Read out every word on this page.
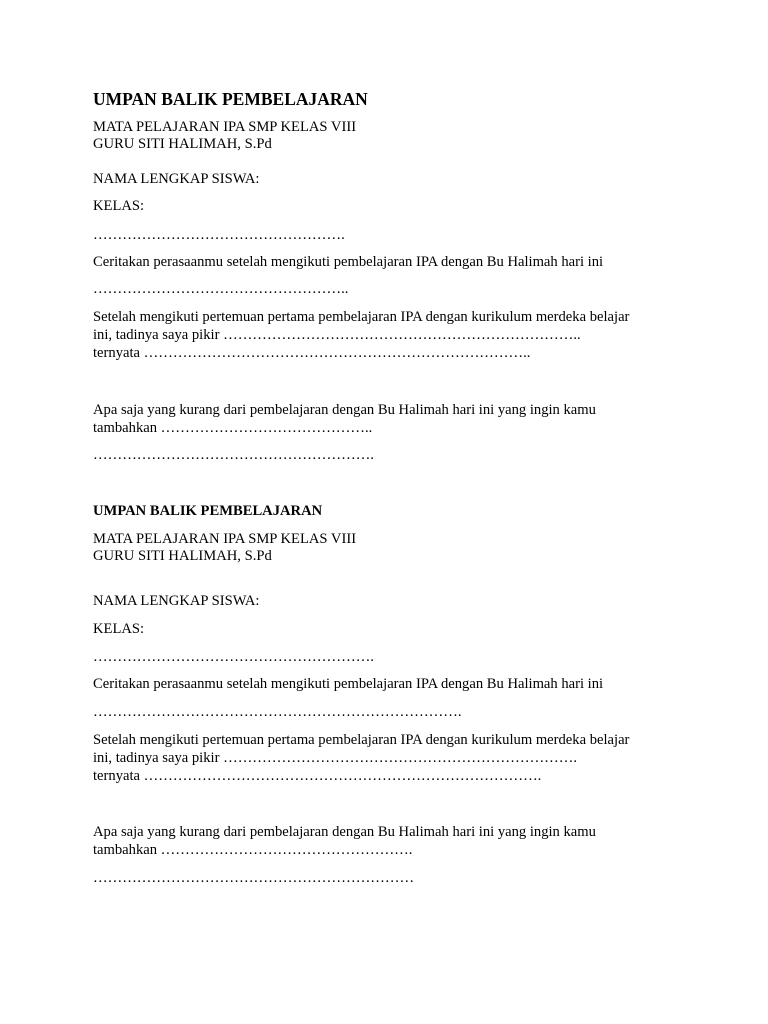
UMPAN BALIK PEMBELAJARAN
MATA PELAJARAN IPA SMP KELAS VIII
GURU SITI HALIMAH, S.Pd
NAMA LENGKAP SISWA:
KELAS:
…………………………………………….
Ceritakan perasaanmu setelah mengikuti pembelajaran IPA dengan Bu Halimah hari ini
……………………………………………..
Setelah mengikuti pertemuan pertama pembelajaran IPA dengan kurikulum merdeka belajar
ini, tadinya saya pikir ………………………………………………………………..
ternyata ……………………………………………………………………..
Apa saja yang kurang dari pembelajaran dengan Bu Halimah hari ini yang ingin kamu
tambahkan ……………………………………..
………………………………………………….
UMPAN BALIK PEMBELAJARAN
MATA PELAJARAN IPA SMP KELAS VIII
GURU SITI HALIMAH, S.Pd
NAMA LENGKAP SISWA:
KELAS:
………………………………………………….
Ceritakan perasaanmu setelah mengikuti pembelajaran IPA dengan Bu Halimah hari ini
………………………………………………………………….
Setelah mengikuti pertemuan pertama pembelajaran IPA dengan kurikulum merdeka belajar
ini, tadinya saya pikir ……………………………………………………………….
ternyata ……………………………………………………………………….
Apa saja yang kurang dari pembelajaran dengan Bu Halimah hari ini yang ingin kamu
tambahkan …………………………………………….
…………………………………………………………
